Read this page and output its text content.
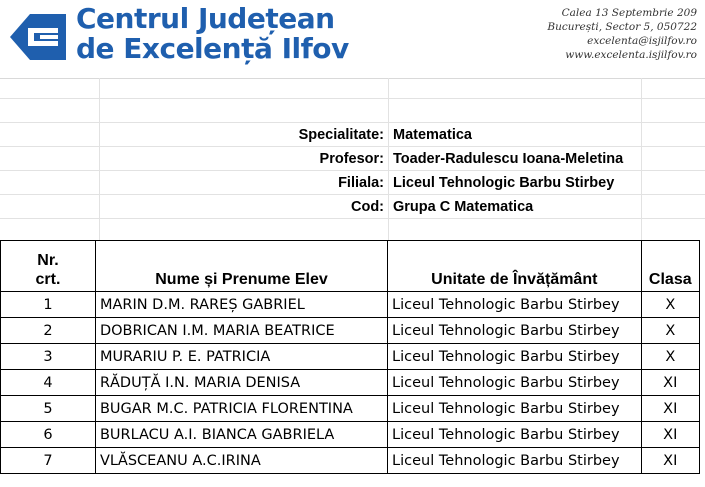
Centrul Județean
de Excelență Ilfov
Calea 13 Septembrie 209
București, Sector 5, 050722
excelenta@isjilfov.ro
www.excelenta.isjilfov.ro
Specialitate: Matematica
Profesor: Toader-Radulescu Ioana-Meletina
Filiala: Liceul Tehnologic Barbu Stirbey
Cod: Grupa C Matematica
Nr.
crt.	Nume și Prenume Elev	Unitate de Învățământ	Clasa
1	MARIN D.M. RAREȘ GABRIEL	Liceul Tehnologic Barbu Stirbey	X
2	DOBRICAN I.M. MARIA BEATRICE	Liceul Tehnologic Barbu Stirbey	X
3	MURARIU P. E. PATRICIA	Liceul Tehnologic Barbu Stirbey	X
4	RĂDUȚĂ I.N. MARIA DENISA	Liceul Tehnologic Barbu Stirbey	XI
5	BUGAR M.C. PATRICIA FLORENTINA	Liceul Tehnologic Barbu Stirbey	XI
6	BURLACU A.I. BIANCA GABRIELA	Liceul Tehnologic Barbu Stirbey	XI
7	VLĂSCEANU A.C.IRINA	Liceul Tehnologic Barbu Stirbey	XI
